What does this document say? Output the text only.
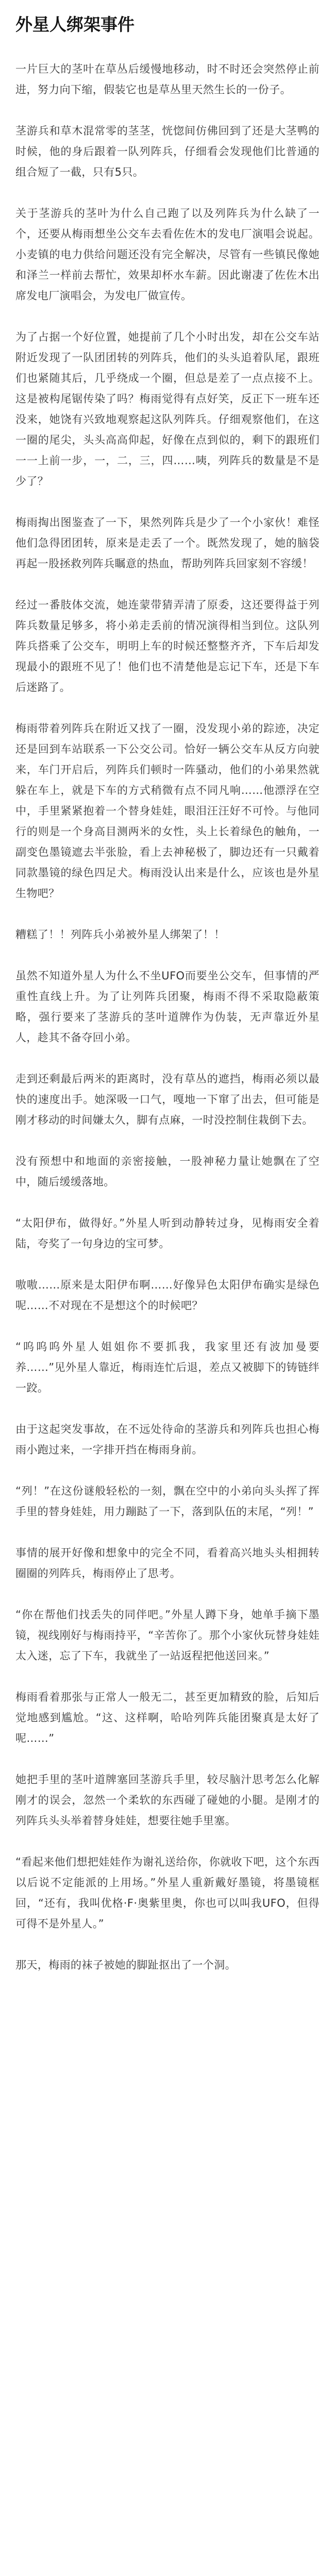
外星人绑架事件

一片巨大的茎叶在草丛后缓慢地移动，时不时还会突然停止前进，努力向下缩，假装它也是草丛里天然生长的一份子。

茎游兵和草木混常零的茎茎，恍惚间仿佛回到了还是大茎鸭的时候，他的身后跟着一队列阵兵，仔细看会发现他们比普通的组合短了一截，只有5只。

关于茎游兵的茎叶为什么自己跑了以及列阵兵为什么缺了一个，还要从梅雨想坐公交车去看佐佐木的发电厂演唱会说起。小麦镇的电力供给问题还没有完全解决，尽管有一些镇民像她和泽兰一样前去帮忙，效果却杯水车薪。因此谢凄了佐佐木出席发电厂演唱会，为发电厂做宣传。

为了占据一个好位置，她提前了几个小时出发，却在公交车站附近发现了一队团团转的列阵兵，他们的头头追着队尾，跟班们也紧随其后，几乎绕成一个圈，但总是差了一点点接不上。这是被构尾锯传染了吗？梅雨觉得有点好笑，反正下一班车还没来，她饶有兴致地观察起这队列阵兵。仔细观察他们，在这一圈的尾尖，头头高高仰起，好像在点到似的，剩下的跟班们一一上前一步，一，二，三，四……咦，列阵兵的数量是不是少了？

梅雨掏出图鉴查了一下，果然列阵兵是少了一个小家伙！难怪他们急得团团转，原来是走丢了一个。既然发现了，她的脑袋再起一股拯救列阵兵瞩意的热血，帮助列阵兵回家刻不容缓！

经过一番肢体交流，她连蒙带猜弄清了原委，这还要得益于列阵兵数量足够多，将小弟走丢前的情况演得相当到位。这队列阵兵搭乘了公交车，明明上车的时候还整整齐齐，下车后却发现最小的跟班不见了！他们也不清楚他是忘记下车，还是下车后迷路了。

梅雨带着列阵兵在附近又找了一圈，没发现小弟的踪迹，决定还是回到车站联系一下公交公司。恰好一辆公交车从反方向驶来，车门开启后，列阵兵们顿时一阵骚动，他们的小弟果然就躲在车上，就是下车的方式稍微有点不同凡响……他漂浮在空中，手里紧紧抱着一个替身娃娃，眼泪汪汪好不可怜。与他同行的则是一个身高目测两米的女性，头上长着绿色的触角，一副变色墨镜遮去半张脸，看上去神秘极了，脚边还有一只戴着同款墨镜的绿色四足犬。梅雨没认出来是什么，应该也是外星生物吧？

糟糕了！！列阵兵小弟被外星人绑架了！！

虽然不知道外星人为什么不坐UFO而要坐公交车，但事情的严重性直线上升。为了让列阵兵团聚，梅雨不得不采取隐蔽策略，强行要来了茎游兵的茎叶道牌作为伪装，无声靠近外星人，趁其不备夺回小弟。

走到还剩最后两米的距离时，没有草丛的遮挡，梅雨必须以最快的速度出手。她深吸一口气，嘎地一下窜了出去，但可能是刚才移动的时间嫌太久，脚有点麻，一时没控制住栽倒下去。

没有预想中和地面的亲密接触，一股神秘力量让她飘在了空中，随后缓缓落地。

“太阳伊布，做得好。”外星人听到动静转过身，见梅雨安全着陆，夸奖了一句身边的宝可梦。

嗷嗷……原来是太阳伊布啊……好像异色太阳伊布确实是绿色呢……不对现在不是想这个的时候吧？

“呜呜呜外星人姐姐你不要抓我，我家里还有波加曼要养……”见外星人靠近，梅雨连忙后退，差点又被脚下的铸链绊一跤。

由于这起突发事故，在不远处待命的茎游兵和列阵兵也担心梅雨小跑过来，一字排开挡在梅雨身前。

“列！”在这份谜般轻松的一刻，飘在空中的小弟向头头挥了挥手里的替身娃娃，用力蹦跶了一下，落到队伍的末尾，“列！”

事情的展开好像和想象中的完全不同，看着高兴地头头相拥转圈圈的列阵兵，梅雨停止了思考。

“你在帮他们找丢失的同伴吧。”外星人蹲下身，她单手摘下墨镜，视线刚好与梅雨持平，“辛苦你了。那个小家伙玩替身娃娃太入迷，忘了下车，我就坐了一站返程把他送回来。”

梅雨看着那张与正常人一般无二，甚至更加精致的脸，后知后觉地感到尴尬。“这、这样啊，哈哈列阵兵能团聚真是太好了呢……”

她把手里的茎叶道牌塞回茎游兵手里，较尽脑汁思考怎么化解刚才的误会，忽然一个柔软的东西碰了碰她的小腿。是刚才的列阵兵头头举着替身娃娃，想要往她手里塞。

“看起来他们想把娃娃作为谢礼送给你，你就收下吧，这个东西以后说不定能派的上用场。”外星人重新戴好墨镜，将墨镜框回，“还有，我叫优格·F·奥紫里奥，你也可以叫我UFO，但得可得不是外星人。”

那天，梅雨的袜子被她的脚趾抠出了一个洞。
